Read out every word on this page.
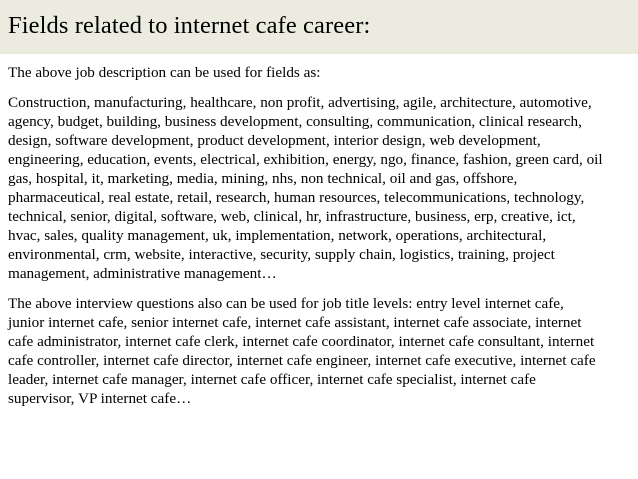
Fields related to internet cafe career:

The above job description can be used for fields as:

Construction, manufacturing, healthcare, non profit, advertising, agile, architecture, automotive,
agency, budget, building, business development, consulting, communication, clinical research,
design, software development, product development, interior design, web development,
engineering, education, events, electrical, exhibition, energy, ngo, finance, fashion, green card, oil
gas, hospital, it, marketing, media, mining, nhs, non technical, oil and gas, offshore,
pharmaceutical, real estate, retail, research, human resources, telecommunications, technology,
technical, senior, digital, software, web, clinical, hr, infrastructure, business, erp, creative, ict,
hvac, sales, quality management, uk, implementation, network, operations, architectural,
environmental, crm, website, interactive, security, supply chain, logistics, training, project
management, administrative management…

The above interview questions also can be used for job title levels: entry level internet cafe,
junior internet cafe, senior internet cafe, internet cafe assistant, internet cafe associate, internet
cafe administrator, internet cafe clerk, internet cafe coordinator, internet cafe consultant, internet
cafe controller, internet cafe director, internet cafe engineer, internet cafe executive, internet cafe
leader, internet cafe manager, internet cafe officer, internet cafe specialist, internet cafe
supervisor, VP internet cafe…
